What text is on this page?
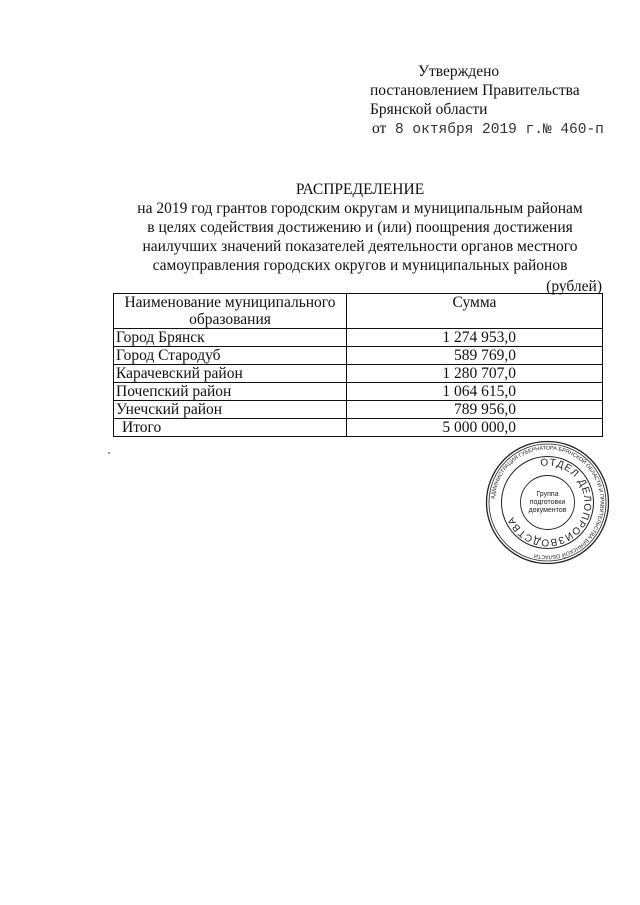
Утверждено
постановлением Правительства
Брянской области
от 8 октября 2019 г.№ 460-п
РАСПРЕДЕЛЕНИЕ
на 2019 год грантов городским округам и муниципальным районам
в целях содействия достижению и (или) поощрения достижения
наилучших значений показателей деятельности органов местного
самоуправления городских округов и муниципальных районов
(рублей)
Наименование муниципального образования	Сумма
Город Брянск	1 274 953,0
Город Стародуб	589 769,0
Карачевский район	1 280 707,0
Почепский район	1 064 615,0
Унечский район	789 956,0
Итого	5 000 000,0
АДМИНИСТРАЦИЯ ГУБЕРНАТОРА БРЯНСКОЙ ОБЛАСТИ И ПРАВИТЕЛЬСТВА БРЯНСКОЙ ОБЛАСТИ
ОТДЕЛ ДЕЛОПРОИЗВОДСТВА
Группа
подготовки
документов
